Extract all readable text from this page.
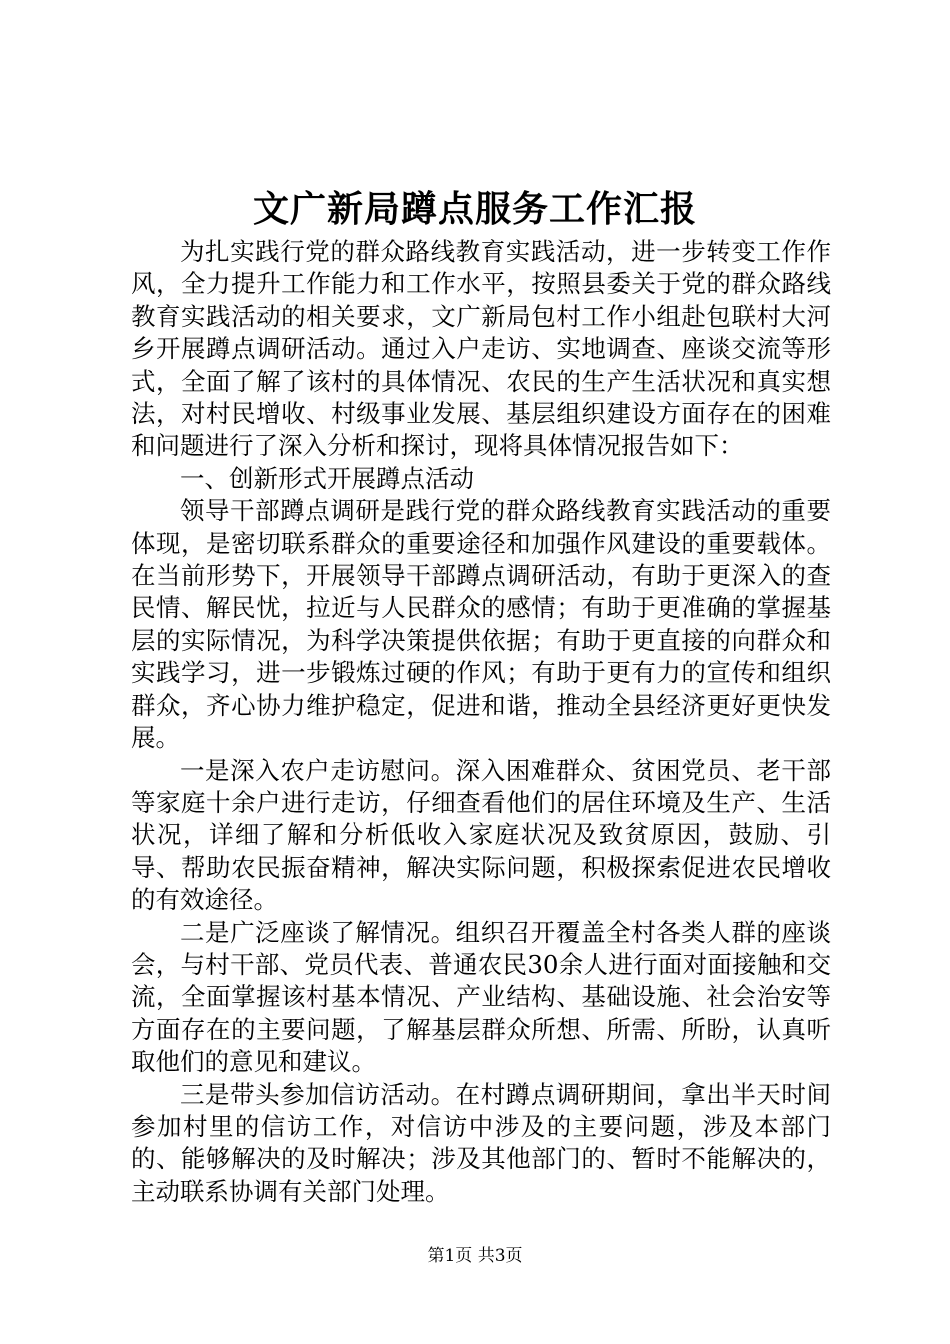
文广新局蹲点服务工作汇报

为扎实践行党的群众路线教育实践活动，进一步转变工作作风，全力提升工作能力和工作水平，按照县委关于党的群众路线教育实践活动的相关要求，文广新局包村工作小组赴包联村大河乡开展蹲点调研活动。通过入户走访、实地调查、座谈交流等形式，全面了解了该村的具体情况、农民的生产生活状况和真实想法，对村民增收、村级事业发展、基层组织建设方面存在的困难和问题进行了深入分析和探讨，现将具体情况报告如下：

一、创新形式开展蹲点活动

领导干部蹲点调研是践行党的群众路线教育实践活动的重要体现，是密切联系群众的重要途径和加强作风建设的重要载体。在当前形势下，开展领导干部蹲点调研活动，有助于更深入的查民情、解民忧，拉近与人民群众的感情；有助于更准确的掌握基层的实际情况，为科学决策提供依据；有助于更直接的向群众和实践学习，进一步锻炼过硬的作风；有助于更有力的宣传和组织群众，齐心协力维护稳定，促进和谐，推动全县经济更好更快发展。

一是深入农户走访慰问。深入困难群众、贫困党员、老干部等家庭十余户进行走访，仔细查看他们的居住环境及生产、生活状况，详细了解和分析低收入家庭状况及致贫原因，鼓励、引导、帮助农民振奋精神，解决实际问题，积极探索促进农民增收的有效途径。

二是广泛座谈了解情况。组织召开覆盖全村各类人群的座谈会，与村干部、党员代表、普通农民30余人进行面对面接触和交流，全面掌握该村基本情况、产业结构、基础设施、社会治安等方面存在的主要问题，了解基层群众所想、所需、所盼，认真听取他们的意见和建议。

三是带头参加信访活动。在村蹲点调研期间，拿出半天时间参加村里的信访工作，对信访中涉及的主要问题，涉及本部门的、能够解决的及时解决；涉及其他部门的、暂时不能解决的，主动联系协调有关部门处理。

第1页 共3页
